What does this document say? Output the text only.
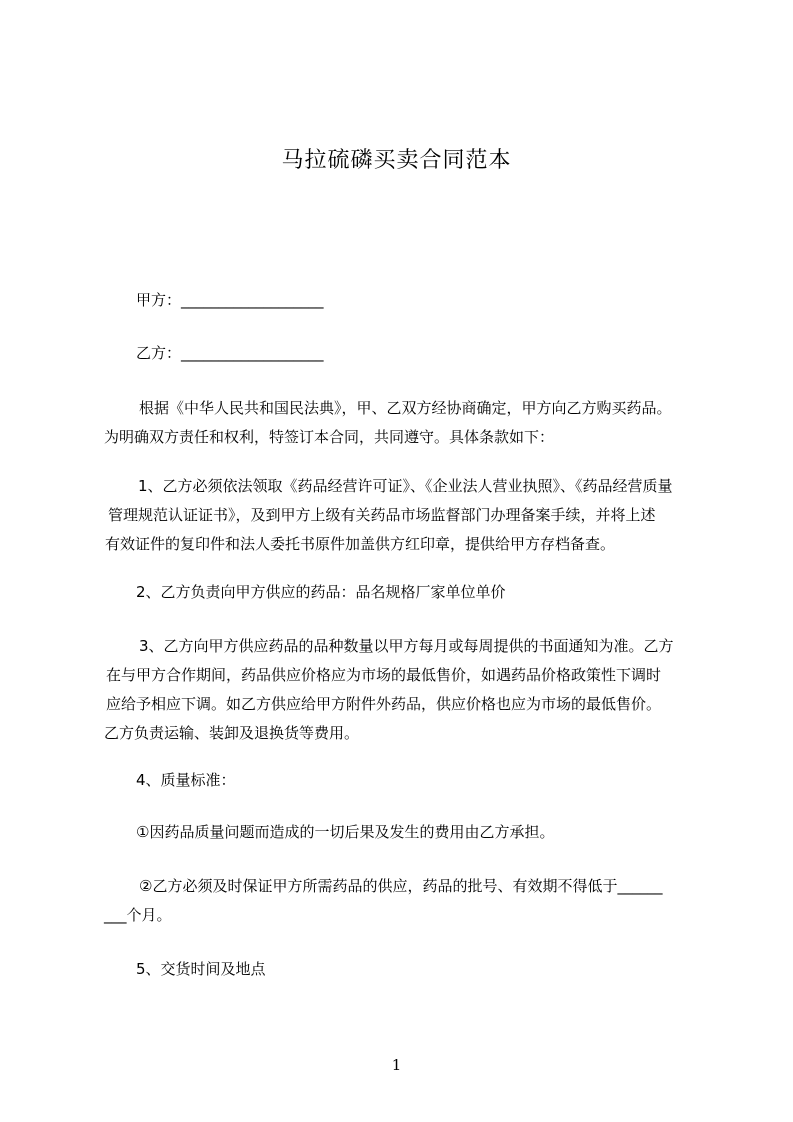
马拉硫磷买卖合同范本
甲方：___________________
乙方：___________________
根据《中华人民共和国民法典》，甲、乙双方经协商确定，甲方向乙方购买药品。
为明确双方责任和权利，特签订本合同，共同遵守。具体条款如下：
1、乙方必须依法领取《药品经营许可证》、《企业法人营业执照》、《药品经营质量
管理规范认证证书》，及到甲方上级有关药品市场监督部门办理备案手续，并将上述
有效证件的复印件和法人委托书原件加盖供方红印章，提供给甲方存档备查。
2、乙方负责向甲方供应的药品：品名规格厂家单位单价
3、乙方向甲方供应药品的品种数量以甲方每月或每周提供的书面通知为准。乙方
在与甲方合作期间，药品供应价格应为市场的最低售价，如遇药品价格政策性下调时
应给予相应下调。如乙方供应给甲方附件外药品，供应价格也应为市场的最低售价。
乙方负责运输、装卸及退换货等费用。
4、质量标准：
①因药品质量问题而造成的一切后果及发生的费用由乙方承担。
②乙方必须及时保证甲方所需药品的供应，药品的批号、有效期不得低于______
___个月。
5、交货时间及地点
1
